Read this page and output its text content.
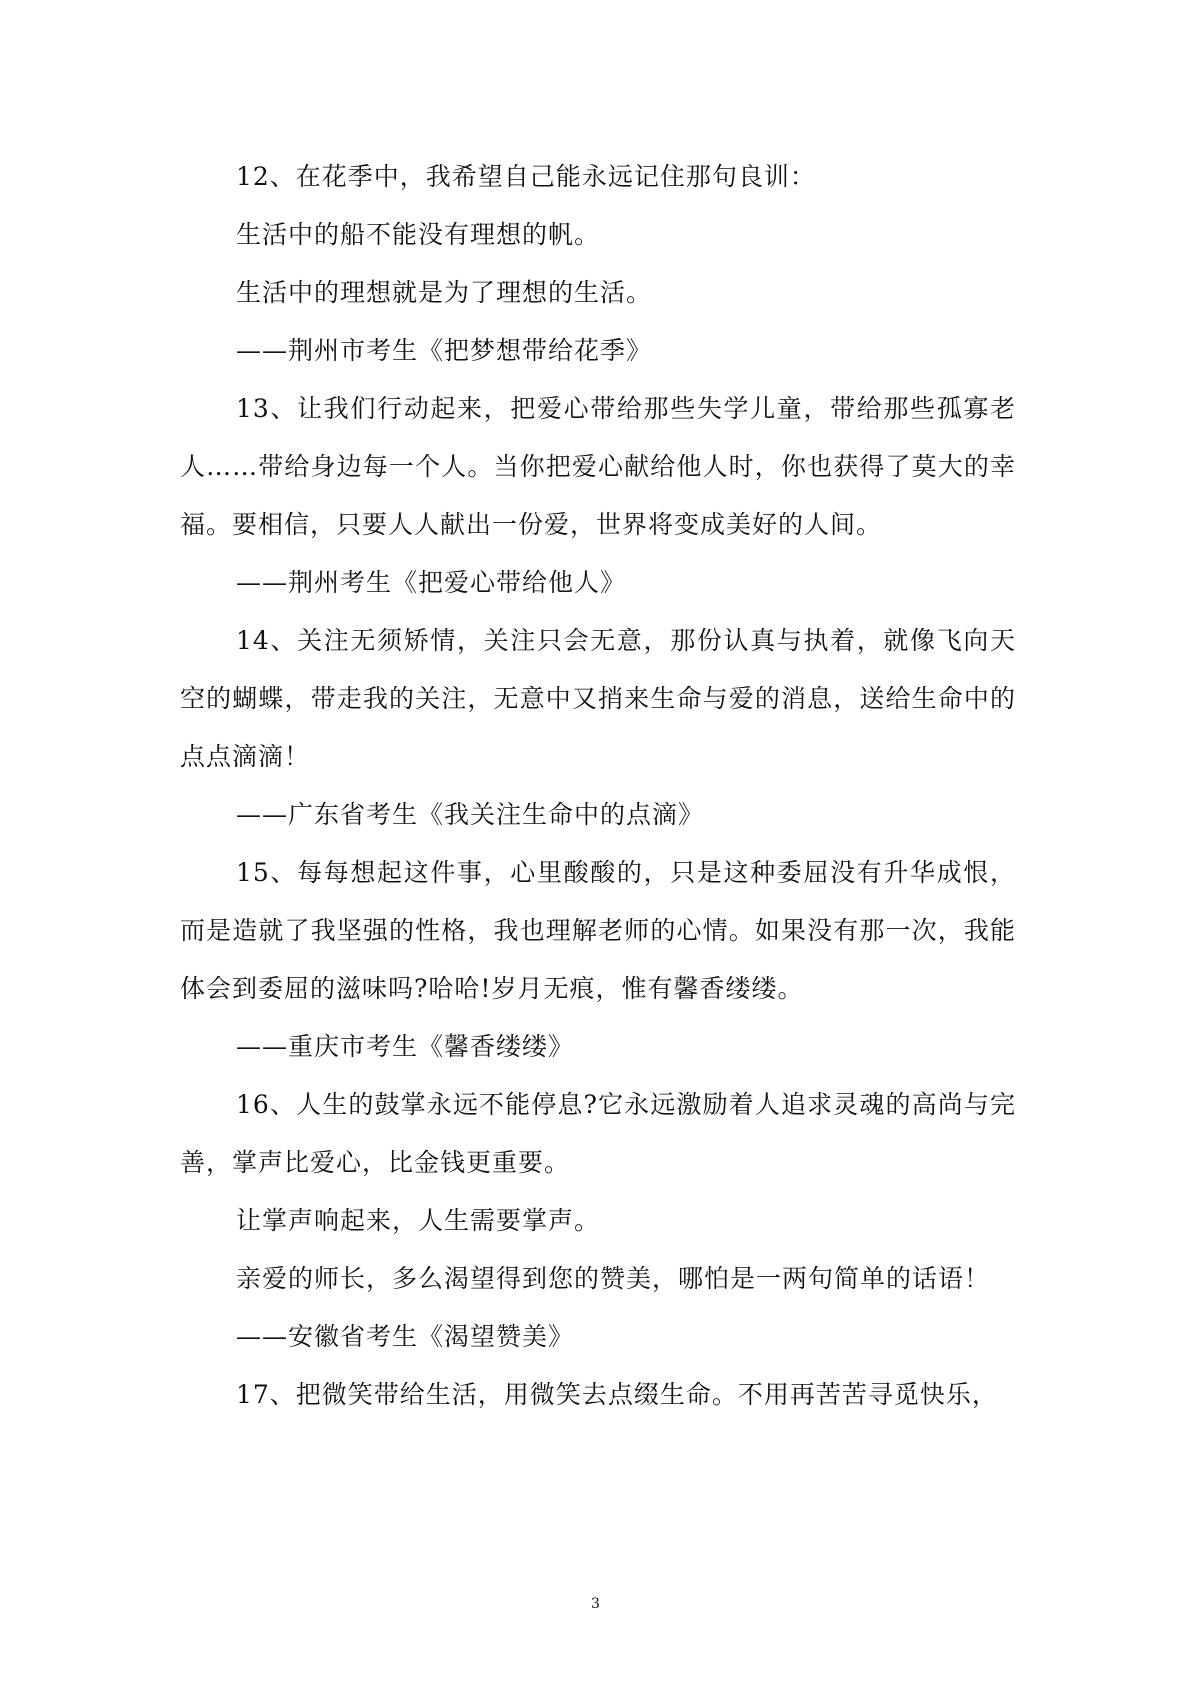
12、在花季中，我希望自己能永远记住那句良训：

生活中的船不能没有理想的帆。

生活中的理想就是为了理想的生活。

——荆州市考生《把梦想带给花季》

13、让我们行动起来，把爱心带给那些失学儿童，带给那些孤寡老人……带给身边每一个人。当你把爱心献给他人时，你也获得了莫大的幸福。要相信，只要人人献出一份爱，世界将变成美好的人间。

——荆州考生《把爱心带给他人》

14、关注无须矫情，关注只会无意，那份认真与执着，就像飞向天空的蝴蝶，带走我的关注，无意中又捎来生命与爱的消息，送给生命中的点点滴滴！

——广东省考生《我关注生命中的点滴》

15、每每想起这件事，心里酸酸的，只是这种委屈没有升华成恨，而是造就了我坚强的性格，我也理解老师的心情。如果没有那一次，我能体会到委屈的滋味吗?哈哈!岁月无痕，惟有馨香缕缕。

——重庆市考生《馨香缕缕》

16、人生的鼓掌永远不能停息?它永远激励着人追求灵魂的高尚与完善，掌声比爱心，比金钱更重要。

让掌声响起来，人生需要掌声。

亲爱的师长，多么渴望得到您的赞美，哪怕是一两句简单的话语！

——安徽省考生《渴望赞美》

17、把微笑带给生活，用微笑去点缀生命。不用再苦苦寻觅快乐，

3
